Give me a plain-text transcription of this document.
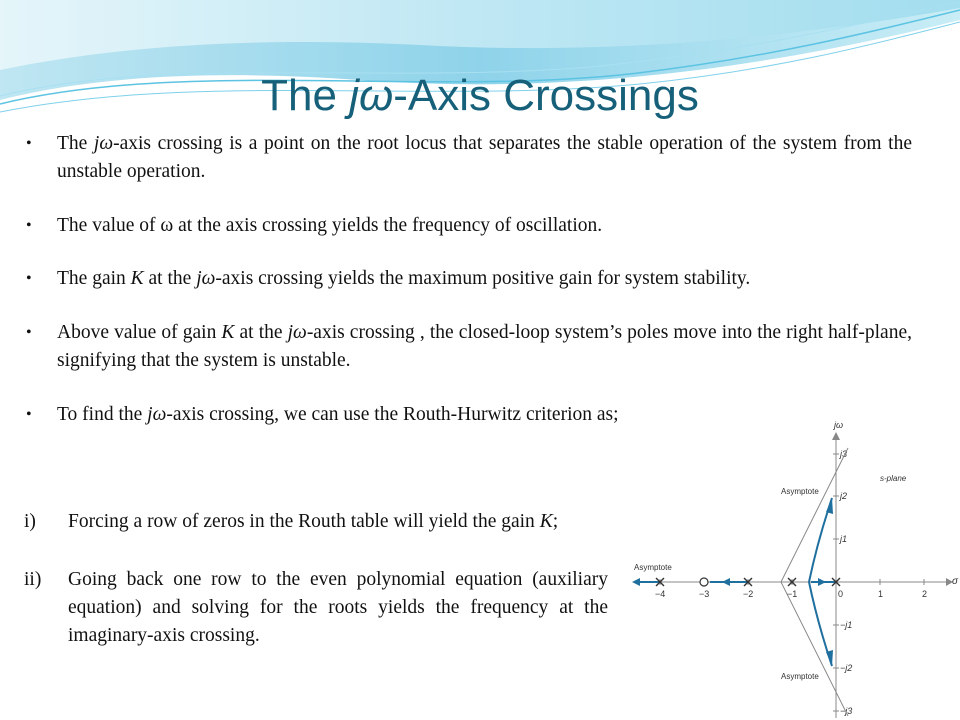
The jω-Axis Crossings
• The jω-axis crossing is a point on the root locus that separates the stable operation of the system from the unstable operation.
• The value of ω at the axis crossing yields the frequency of oscillation.
• The gain K at the jω-axis crossing yields the maximum positive gain for system stability.
• Above value of gain K at the jω-axis crossing , the closed-loop system’s poles move into the right half-plane, signifying that the system is unstable.
• To find the jω-axis crossing, we can use the Routh-Hurwitz criterion as;
i) Forcing a row of zeros in the Routh table will yield the gain K;
ii) Going back one row to the even polynomial equation (auxiliary equation) and solving for the roots yields the frequency at the imaginary-axis crossing.
jω
σ
s-plane
−4	−3	−2	−1	0	1	2
j3
j2
j1
−j1
−j2
−j3
Asymptote
Asymptote
Asymptote
